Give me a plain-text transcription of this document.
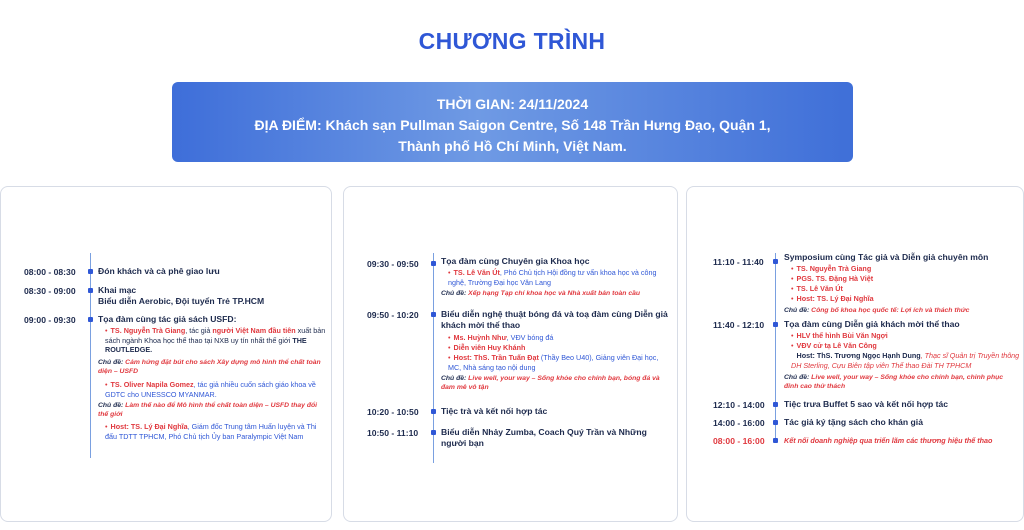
CHƯƠNG TRÌNH
THỜI GIAN: 24/11/2024
ĐỊA ĐIỂM: Khách sạn Pullman Saigon Centre, Số 148 Trần Hưng Đạo, Quận 1,
Thành phố Hồ Chí Minh, Việt Nam.
08:00 - 08:30	Đón khách và cà phê giao lưu
08:30 - 09:00	Khai mạc
Biểu diễn Aerobic, Đội tuyển Trẻ TP.HCM
09:00 - 09:30	Tọa đàm cùng tác giả sách USFD:
• TS. Nguyễn Trà Giang, tác giả người Việt Nam đầu tiên xuất bản sách ngành Khoa học thể thao tại NXB uy tín nhất thế giới THE ROUTLEDGE.
Chủ đề: Cảm hứng đặt bút cho sách Xây dựng mô hình thể chất toàn diện – USFD
• TS. Oliver Napila Gomez, tác giả nhiều cuốn sách giáo khoa về GDTC cho UNESSCO MYANMAR.
Chủ đề: Làm thế nào để Mô hình thể chất toàn diện – USFD thay đổi thế giới
• Host: TS. Lý Đại Nghĩa, Giám đốc Trung tâm Huấn luyện và Thi đấu TDTT TPHCM, Phó Chủ tịch Ủy ban Paralympic Việt Nam
09:30 - 09:50	Tọa đàm cùng Chuyên gia Khoa học
• TS. Lê Văn Út, Phó Chủ tịch Hội đồng tư vấn khoa học và công nghệ, Trường Đại học Văn Lang
Chủ đề: Xếp hạng Tạp chí khoa học và Nhà xuất bản toàn cầu
09:50 - 10:20	Biểu diễn nghệ thuật bóng đá và toạ đàm cùng Diễn giả
khách mời thể thao
• Ms. Huỳnh Như, VĐV bóng đá
• Diễn viên Huy Khánh
• Host: ThS. Trần Tuấn Đạt (Thầy Beo U40), Giảng viên Đại học, MC, Nhà sáng tạo nội dung
Chủ đề: Live well, your way – Sống khỏe cho chính bạn, bóng đá và đam mê vô tận
10:20 - 10:50	Tiệc trà và kết nối hợp tác
10:50 - 11:10	Biểu diễn Nhảy Zumba, Coach Quý Trần và Những người bạn
11:10 - 11:40 Symposium cùng Tác giả và Diễn giả chuyên môn
• TS. Nguyễn Trà Giang
• PGS. TS. Đặng Hà Việt
• TS. Lê Văn Út
• Host: TS. Lý Đại Nghĩa
Chủ đề: Công bố khoa học quốc tế: Lợi ích và thách thức
11:40 - 12:10 Tọa đàm cùng Diễn giả khách mời thể thao
• HLV thể hình Bùi Văn Ngợi
• VĐV cử tạ Lê Văn Công
Host: ThS. Trương Ngọc Hạnh Dung, Thạc sĩ Quản trị Truyền thông DH Sterling, Cựu Biên tập viên Thể thao Đài TH TPHCM
Chủ đề: Live well, your way – Sống khỏe cho chính bạn, chinh phục đỉnh cao thử thách
12:10 - 14:00 Tiệc trưa Buffet 5 sao và kết nối hợp tác
14:00 - 16:00 Tác giả ký tặng sách cho khán giả
08:00 - 16:00	Kết nối doanh nghiệp qua triển lãm các thương hiệu thể thao
